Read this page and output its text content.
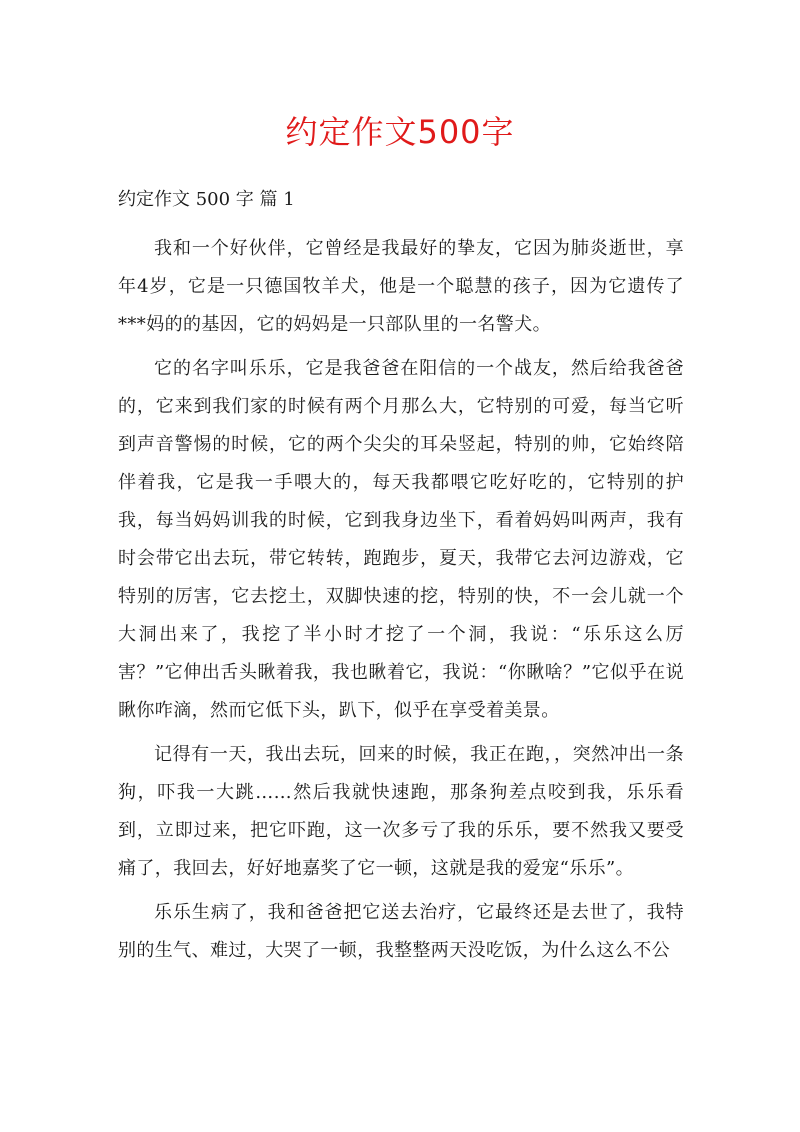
约定作文500字
约定作文 500 字 篇 1

我和一个好伙伴，它曾经是我最好的挚友，它因为肺炎逝世，享年4岁，它是一只德国牧羊犬，他是一个聪慧的孩子，因为它遗传了***妈的的基因，它的妈妈是一只部队里的一名警犬。

它的名字叫乐乐，它是我爸爸在阳信的一个战友，然后给我爸爸的，它来到我们家的时候有两个月那么大，它特别的可爱，每当它听到声音警惕的时候，它的两个尖尖的耳朵竖起，特别的帅，它始终陪伴着我，它是我一手喂大的，每天我都喂它吃好吃的，它特别的护我，每当妈妈训我的时候，它到我身边坐下，看着妈妈叫两声，我有时会带它出去玩，带它转转，跑跑步，夏天，我带它去河边游戏，它特别的厉害，它去挖土，双脚快速的挖，特别的快，不一会儿就一个大洞出来了，我挖了半小时才挖了一个洞，我说：“乐乐这么厉害？”它伸出舌头瞅着我，我也瞅着它，我说：“你瞅啥？”它似乎在说瞅你咋滴，然而它低下头，趴下，似乎在享受着美景。

记得有一天，我出去玩，回来的时候，我正在跑，，突然冲出一条狗，吓我一大跳……然后我就快速跑，那条狗差点咬到我，乐乐看到，立即过来，把它吓跑，这一次多亏了我的乐乐，要不然我又要受痛了，我回去，好好地嘉奖了它一顿，这就是我的爱宠“乐乐”。

乐乐生病了，我和爸爸把它送去治疗，它最终还是去世了，我特别的生气、难过，大哭了一顿，我整整两天没吃饭，为什么这么不公
